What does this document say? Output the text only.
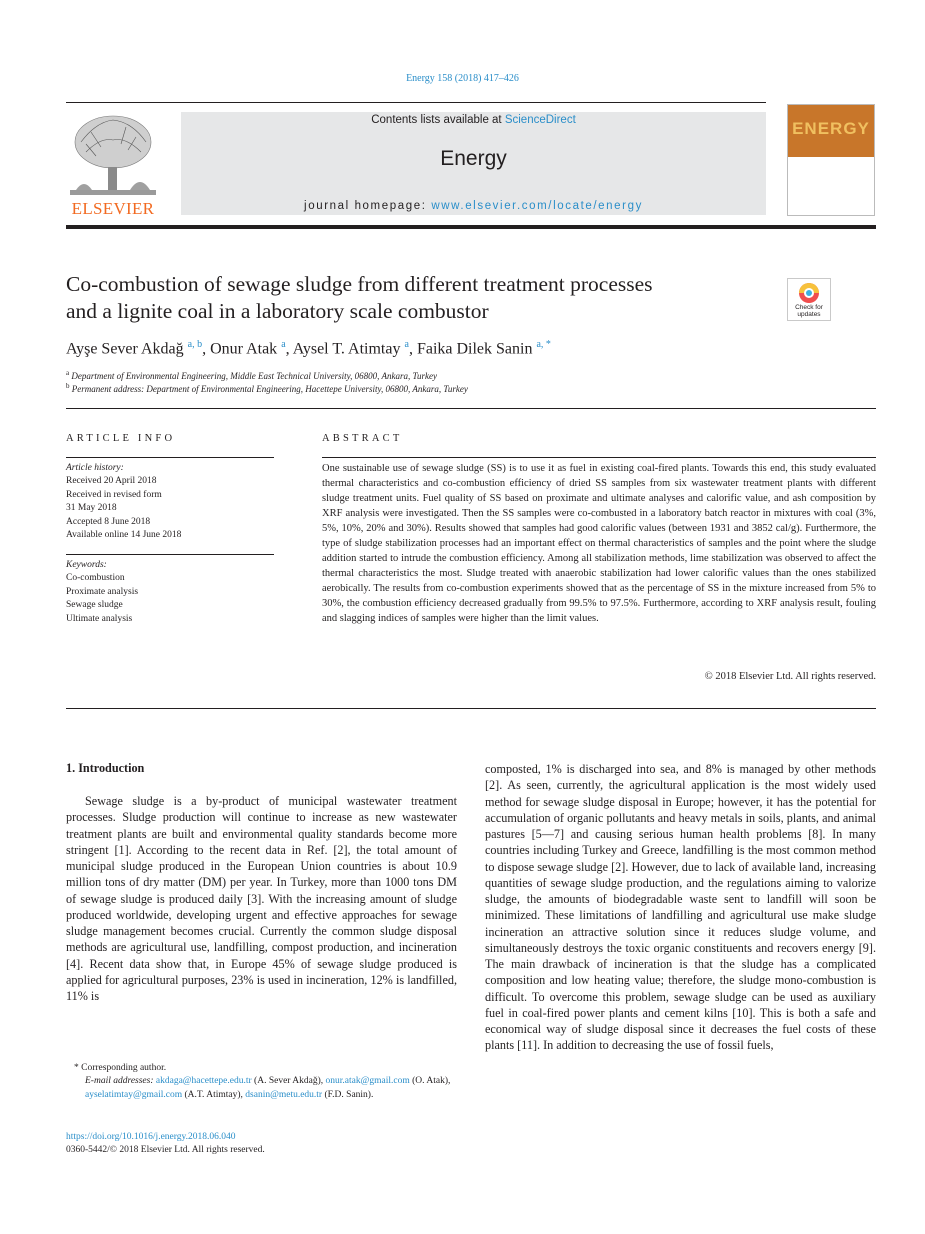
Energy 158 (2018) 417–426
ELSEVIER
Contents lists available at ScienceDirect
Energy
journal homepage: www.elsevier.com/locate/energy
ENERGY
Co-combustion of sewage sludge from different treatment processes
and a lignite coal in a laboratory scale combustor	Check for
updates
Ayşe Sever Akdağ $^{a, b}$, Onur Atak $^a$, Aysel T. Atimtay $^a$, Faika Dilek Sanin $^{a, *}$
$^a$ Department of Environmental Engineering, Middle East Technical University, 06800, Ankara, Turkey
$^b$ Permanent address: Department of Environmental Engineering, Hacettepe University, 06800, Ankara, Turkey
ARTICLE INFO
Article history:
Received 20 April 2018
Received in revised form
31 May 2018
Accepted 8 June 2018
Available online 14 June 2018
Keywords:
Co-combustion
Proximate analysis
Sewage sludge
Ultimate analysis
ABSTRACT
One sustainable use of sewage sludge (SS) is to use it as fuel in existing coal-fired plants. Towards this end, this study evaluated thermal characteristics and co-combustion efficiency of dried SS samples from six wastewater treatment plants with different sludge treatment units. Fuel quality of SS based on proximate and ultimate analyses and calorific value, and ash composition by XRF analysis were investigated. Then the SS samples were co-combusted in a laboratory batch reactor in mixtures with coal (3%, 5%, 10%, 20% and 30%). Results showed that samples had good calorific values (between 1931 and 3852 cal/g). Furthermore, the type of sludge stabilization processes had an important effect on thermal characteristics of samples and the point where the sludge addition started to intrude the combustion efficiency. Among all stabilization methods, lime stabilization was observed to affect the thermal characteristics the most. Sludge treated with anaerobic stabilization had lower calorific values than the ones stabilized aerobically. The results from co-combustion experiments showed that as the percentage of SS in the mixture increased from 5% to 30%, the combustion efficiency decreased gradually from 99.5% to 97.5%. Furthermore, according to XRF analysis result, fouling and slagging indices of samples were higher than the limit values.
© 2018 Elsevier Ltd. All rights reserved.
1. Introduction
Sewage sludge is a by-product of municipal wastewater treatment processes. Sludge production will continue to increase as new wastewater treatment plants are built and environmental quality standards become more stringent [1]. According to the recent data in Ref. [2], the total amount of municipal sludge produced in the European Union countries is about 10.9 million tons of dry matter (DM) per year. In Turkey, more than 1000 tons DM of sewage sludge is produced daily [3]. With the increasing amount of sludge produced worldwide, developing urgent and effective approaches for sewage sludge management becomes crucial. Currently the common sludge disposal methods are agricultural use, landfilling, compost production, and incineration [4]. Recent data show that, in Europe 45% of sewage sludge produced is applied for agricultural purposes, 23% is used in incineration, 12% is landfilled, 11% is
composted, 1% is discharged into sea, and 8% is managed by other methods [2]. As seen, currently, the agricultural application is the most widely used method for sewage sludge disposal in Europe; however, it has the potential for accumulation of organic pollutants and heavy metals in soils, plants, and animal pastures [5—7] and causing serious human health problems [8]. In many countries including Turkey and Greece, landfilling is the most common method to dispose sewage sludge [2]. However, due to lack of available land, increasing quantities of sewage sludge production, and the regulations aiming to valorize sludge, the amounts of biodegradable waste sent to landfill will soon be minimized. These limitations of landfilling and agricultural use make sludge incineration an attractive solution since it reduces sludge volume, and simultaneously destroys the toxic organic constituents and recovers energy [9]. The main drawback of incineration is that the sludge has a complicated composition and low heating value; therefore, the sludge mono-combustion is difficult. To overcome this problem, sewage sludge can be used as auxiliary fuel in coal-fired power plants and cement kilns [10]. This is both a safe and economical way of sludge disposal since it decreases the fuel costs of these plants [11]. In addition to decreasing the use of fossil fuels,
* Corresponding author.
E-mail addresses: akdaga@hacettepe.edu.tr (A. Sever Akdağ), onur.atak@gmail.com (O. Atak), ayselatimtay@gmail.com (A.T. Atimtay), dsanin@metu.edu.tr (F.D. Sanin).
https://doi.org/10.1016/j.energy.2018.06.040
0360-5442/© 2018 Elsevier Ltd. All rights reserved.
